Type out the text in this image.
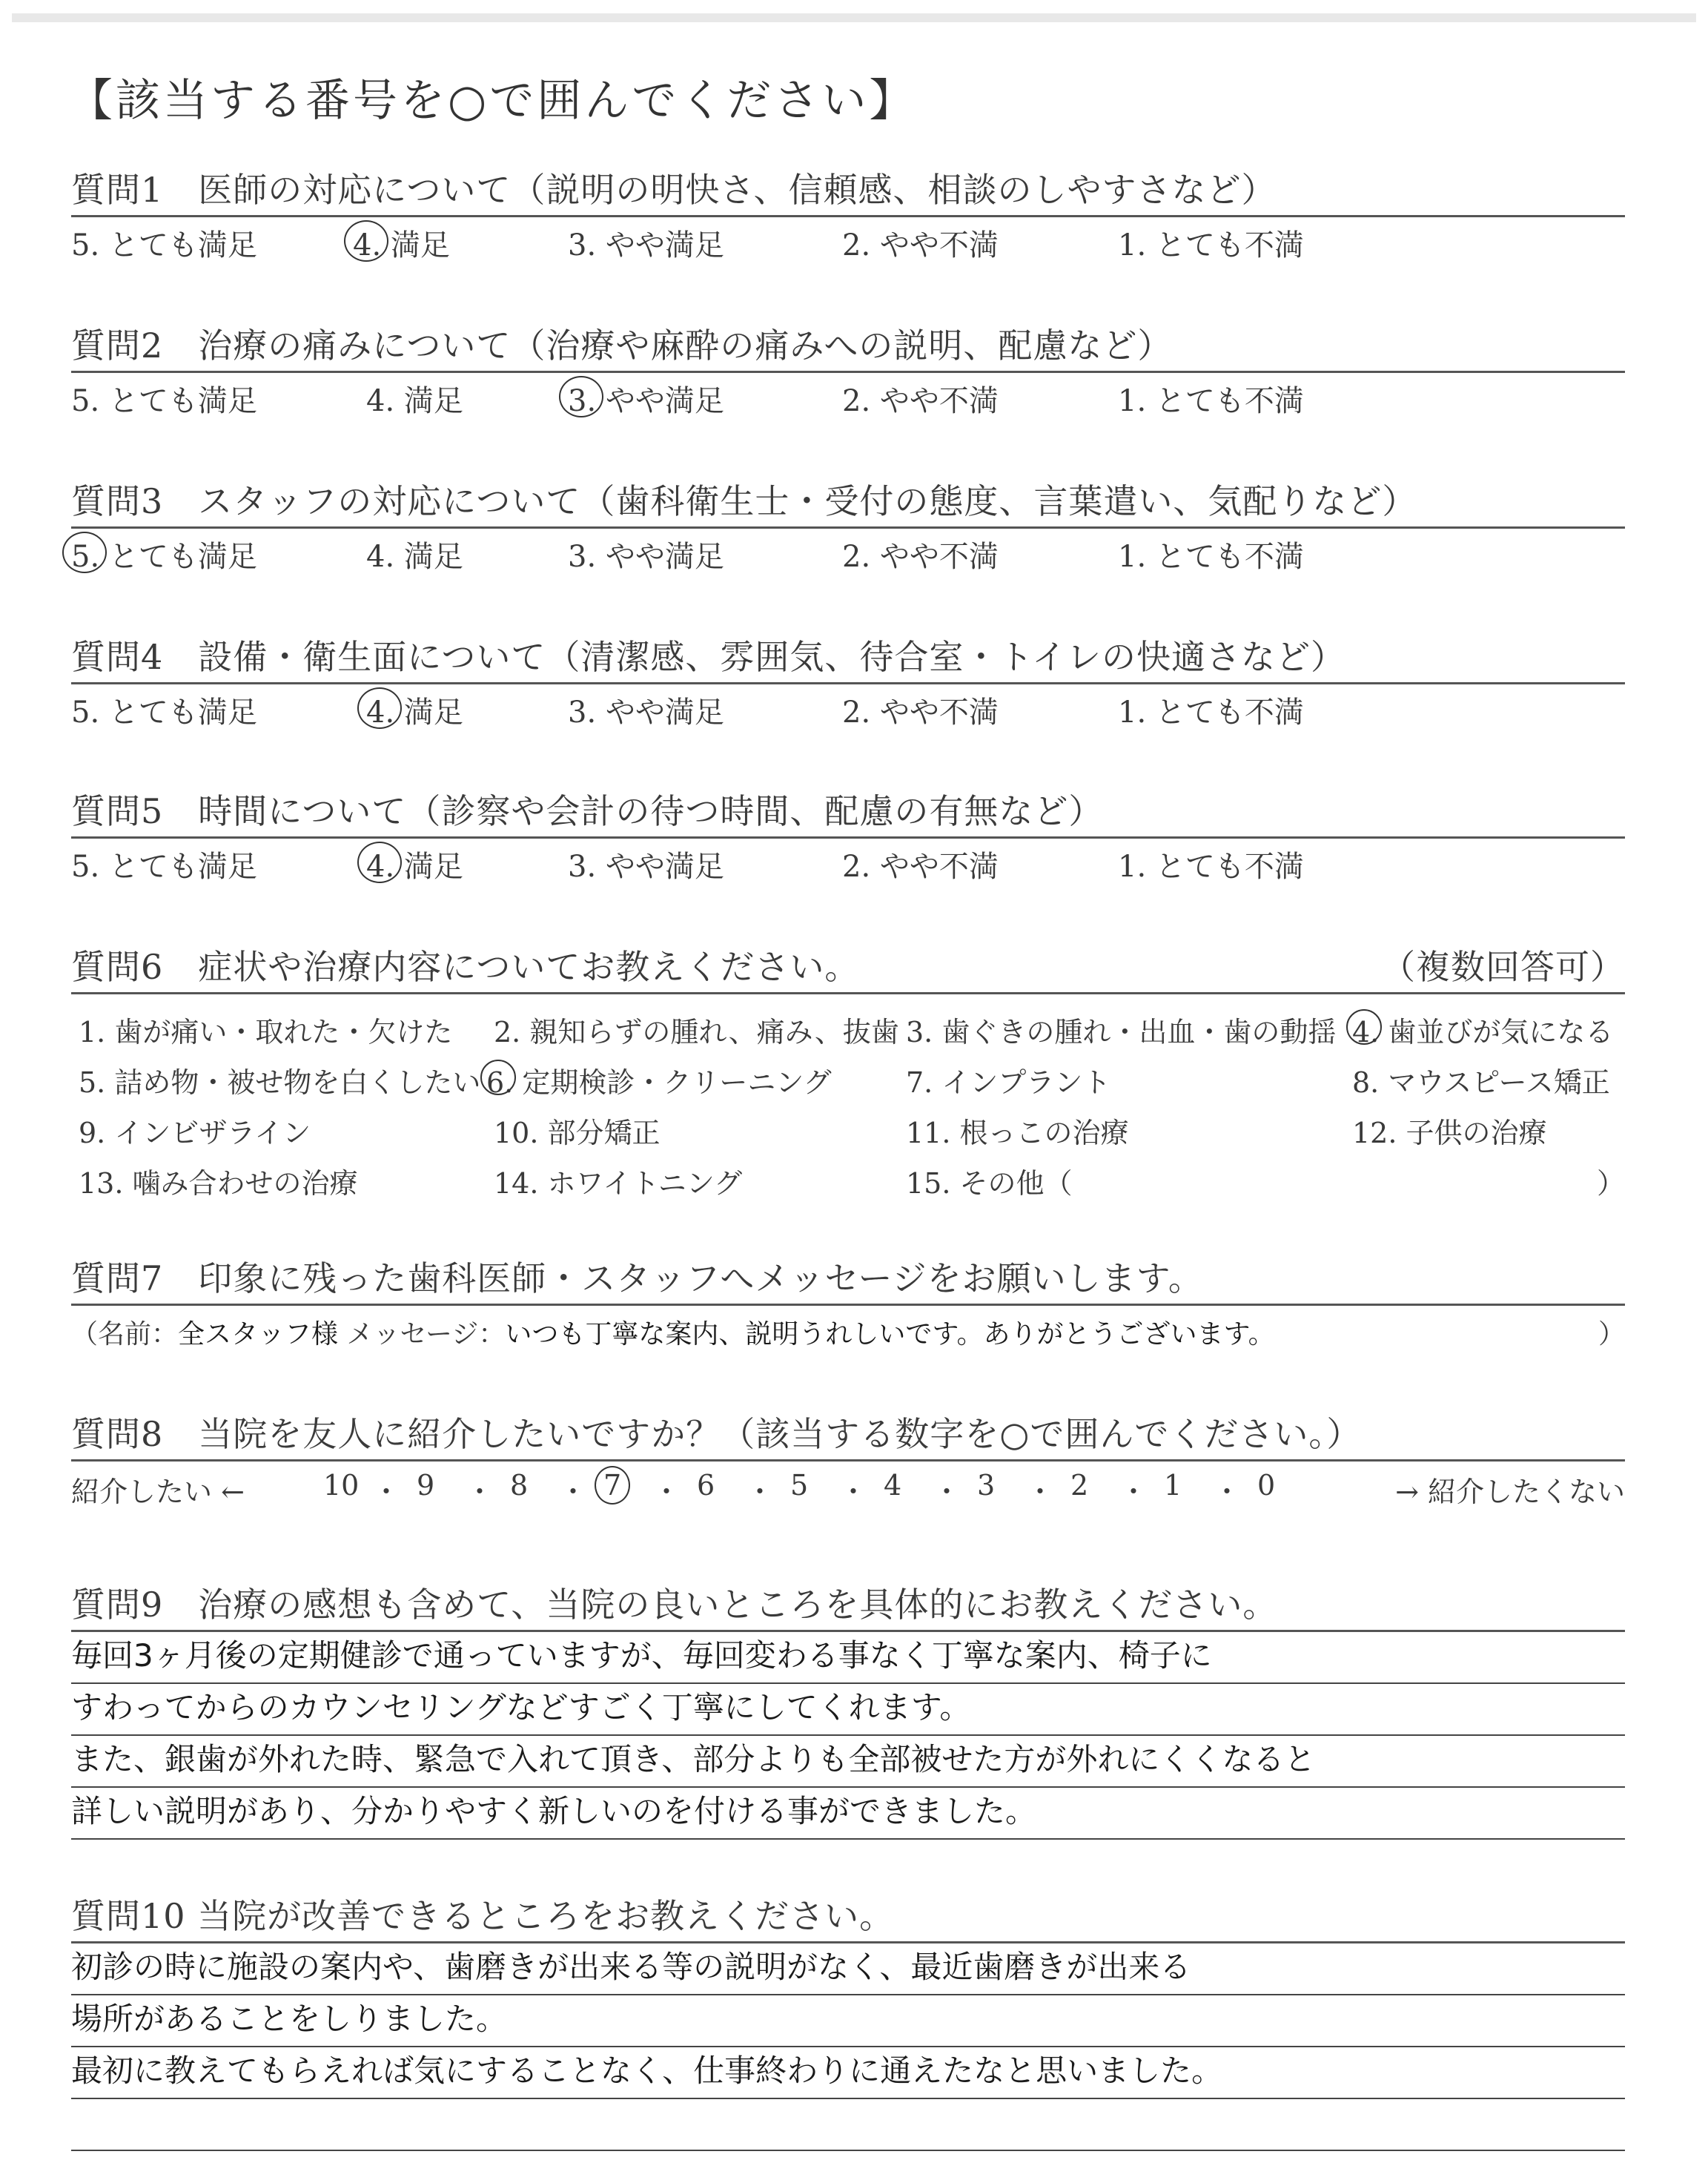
【該当する番号を○で囲んでください】
質問1　医師の対応について（説明の明快さ、信頼感、相談のしやすさなど）
5. とても満足	4. 満足	3. やや満足	2. やや不満	1. とても不満
質問2　治療の痛みについて（治療や麻酔の痛みへの説明、配慮など）
5. とても満足	4. 満足	3. やや満足	2. やや不満	1. とても不満
質問3　スタッフの対応について（歯科衛生士・受付の態度、言葉遣い、気配りなど）
5. とても満足	4. 満足	3. やや満足	2. やや不満	1. とても不満
質問4　設備・衛生面について（清潔感、雰囲気、待合室・トイレの快適さなど）
5. とても満足	4. 満足	3. やや満足	2. やや不満	1. とても不満
質問5　時間について（診察や会計の待つ時間、配慮の有無など）
5. とても満足	4. 満足	3. やや満足	2. やや不満	1. とても不満
質問6　症状や治療内容についてお教えください。	（複数回答可）
1. 歯が痛い・取れた・欠けた 2. 親知らずの腫れ、痛み、抜歯 3. 歯ぐきの腫れ・出血・歯の動揺 4. 歯並びが気になる
5. 詰め物・被せ物を白くしたい 6. 定期検診・クリーニング	7. インプラント	8. マウスピース矯正
9. インビザライン	10. 部分矯正	11. 根っこの治療	12. 子供の治療
13. 噛み合わせの治療	14. ホワイトニング	15. その他（	）
質問7　印象に残った歯科医師・スタッフへメッセージをお願いします。
（名前：全スタッフ様 メッセージ：いつも丁寧な案内、説明うれしいです。ありがとうございます。	）
質問8　当院を友人に紹介したいですか？（該当する数字を○で囲んでください。）
紹介したい ←	→ 紹介したくない
10 ・ 9 ・ 8 ・ 7 ・ 6 ・ 5 ・ 4 ・ 3 ・ 2 ・ 1 ・ 0
質問9　治療の感想も含めて、当院の良いところを具体的にお教えください。
毎回3ヶ月後の定期健診で通っていますが、毎回変わる事なく丁寧な案内、椅子に
すわってからのカウンセリングなどすごく丁寧にしてくれます。
また、銀歯が外れた時、緊急で入れて頂き、部分よりも全部被せた方が外れにくくなると
詳しい説明があり、分かりやすく新しいのを付ける事ができました。
質問10 当院が改善できるところをお教えください。
初診の時に施設の案内や、歯磨きが出来る等の説明がなく、最近歯磨きが出来る
場所があることをしりました。
最初に教えてもらえれば気にすることなく、仕事終わりに通えたなと思いました。
